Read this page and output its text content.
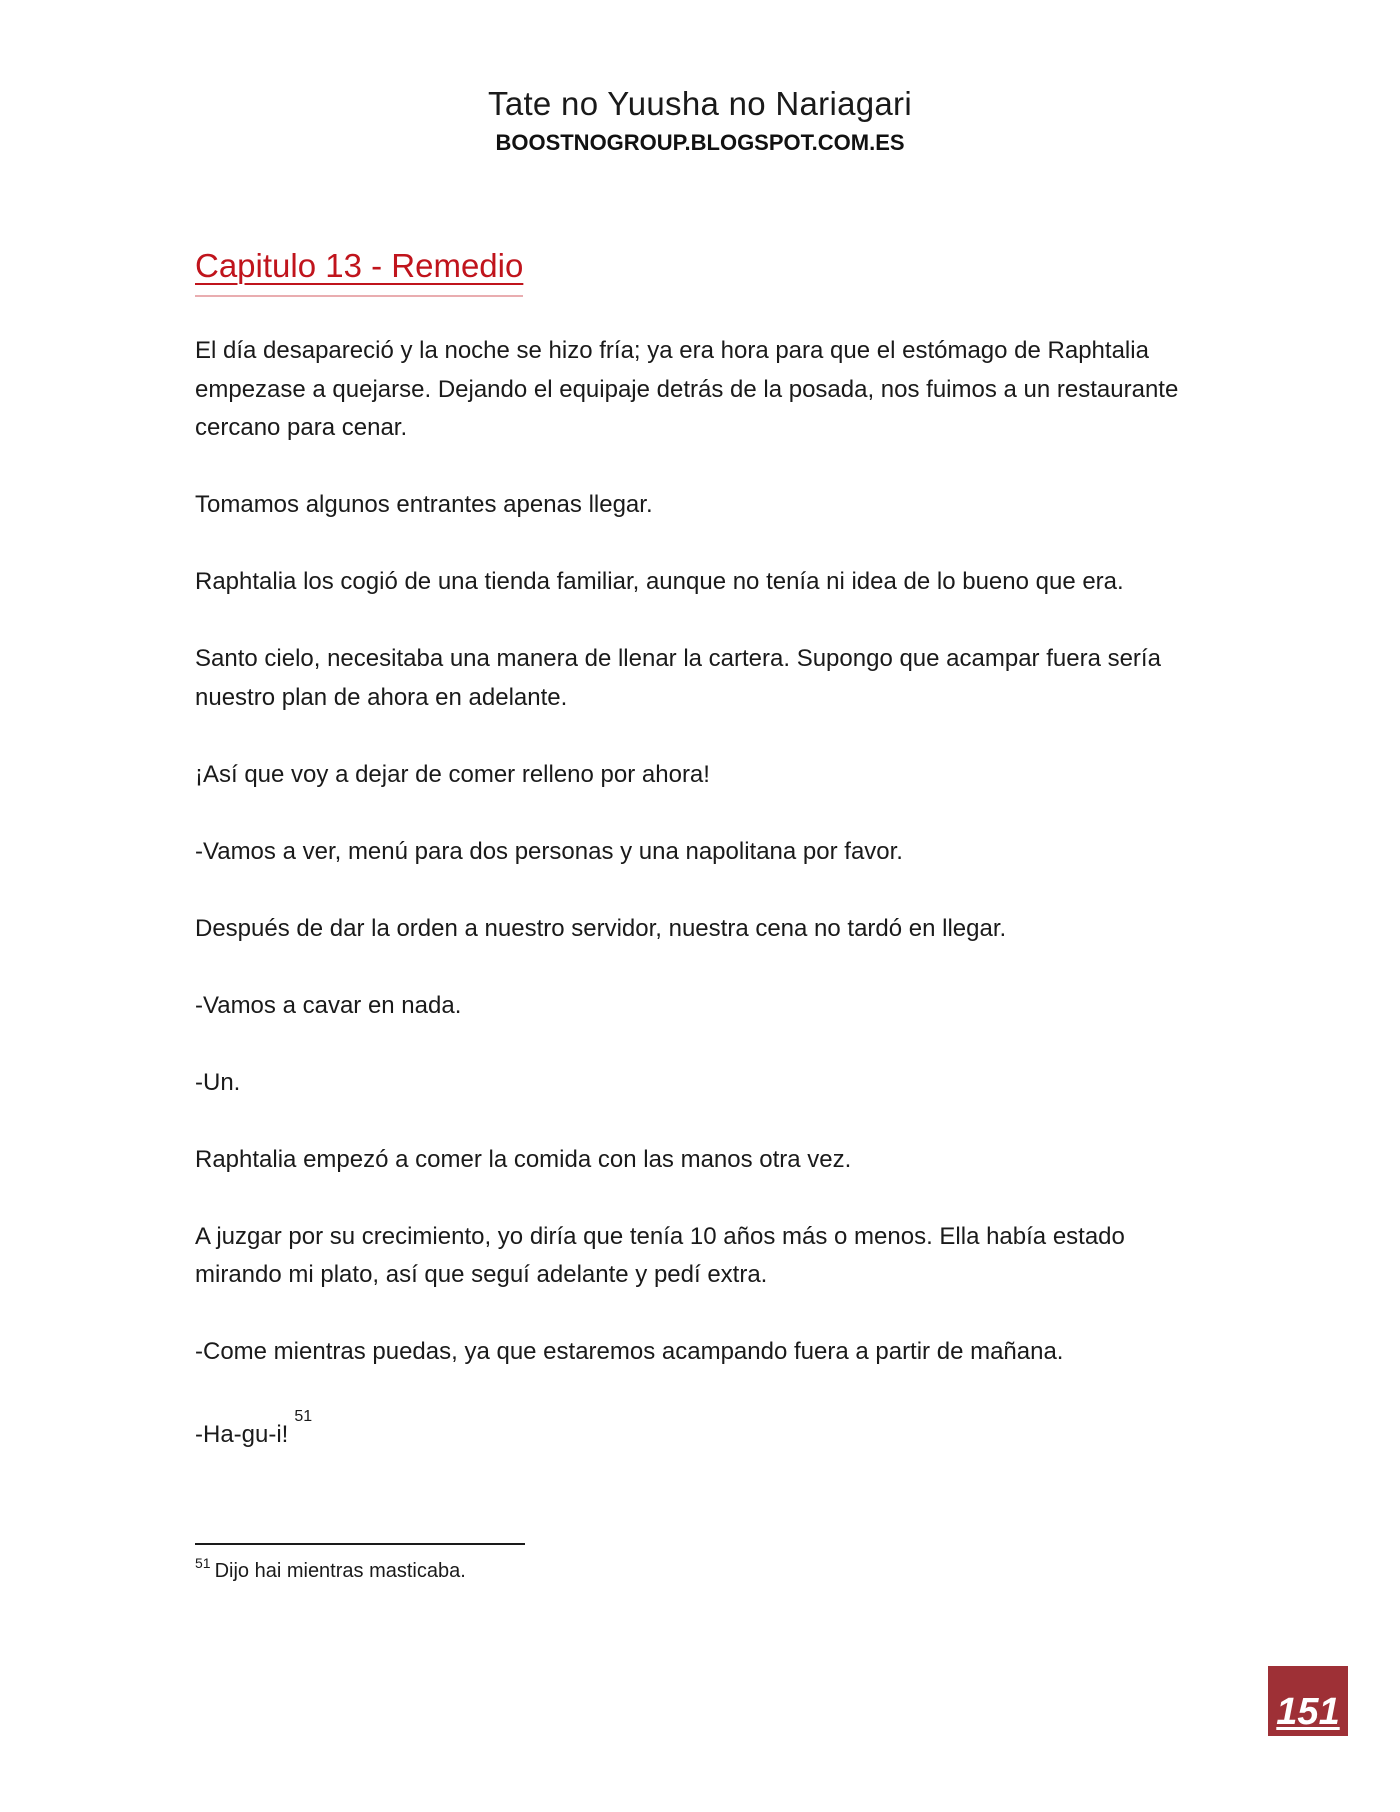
Tate no Yuusha no Nariagari
BOOSTNOGROUP.BLOGSPOT.COM.ES
Capitulo 13 - Remedio

El día desapareció y la noche se hizo fría; ya era hora para que el estómago de Raphtalia empezase a quejarse. Dejando el equipaje detrás de la posada, nos fuimos a un restaurante cercano para cenar.

Tomamos algunos entrantes apenas llegar.

Raphtalia los cogió de una tienda familiar, aunque no tenía ni idea de lo bueno que era.

Santo cielo, necesitaba una manera de llenar la cartera. Supongo que acampar fuera sería nuestro plan de ahora en adelante.

¡Así que voy a dejar de comer relleno por ahora!

-Vamos a ver, menú para dos personas y una napolitana por favor.

Después de dar la orden a nuestro servidor, nuestra cena no tardó en llegar.

-Vamos a cavar en nada.

-Un.

Raphtalia empezó a comer la comida con las manos otra vez.

A juzgar por su crecimiento, yo diría que tenía 10 años más o menos. Ella había estado mirando mi plato, así que seguí adelante y pedí extra.

-Come mientras puedas, ya que estaremos acampando fuera a partir de mañana.

-Ha-gu-i!$^{51}$

$^{51}$ Dijo hai mientras masticaba.
151
